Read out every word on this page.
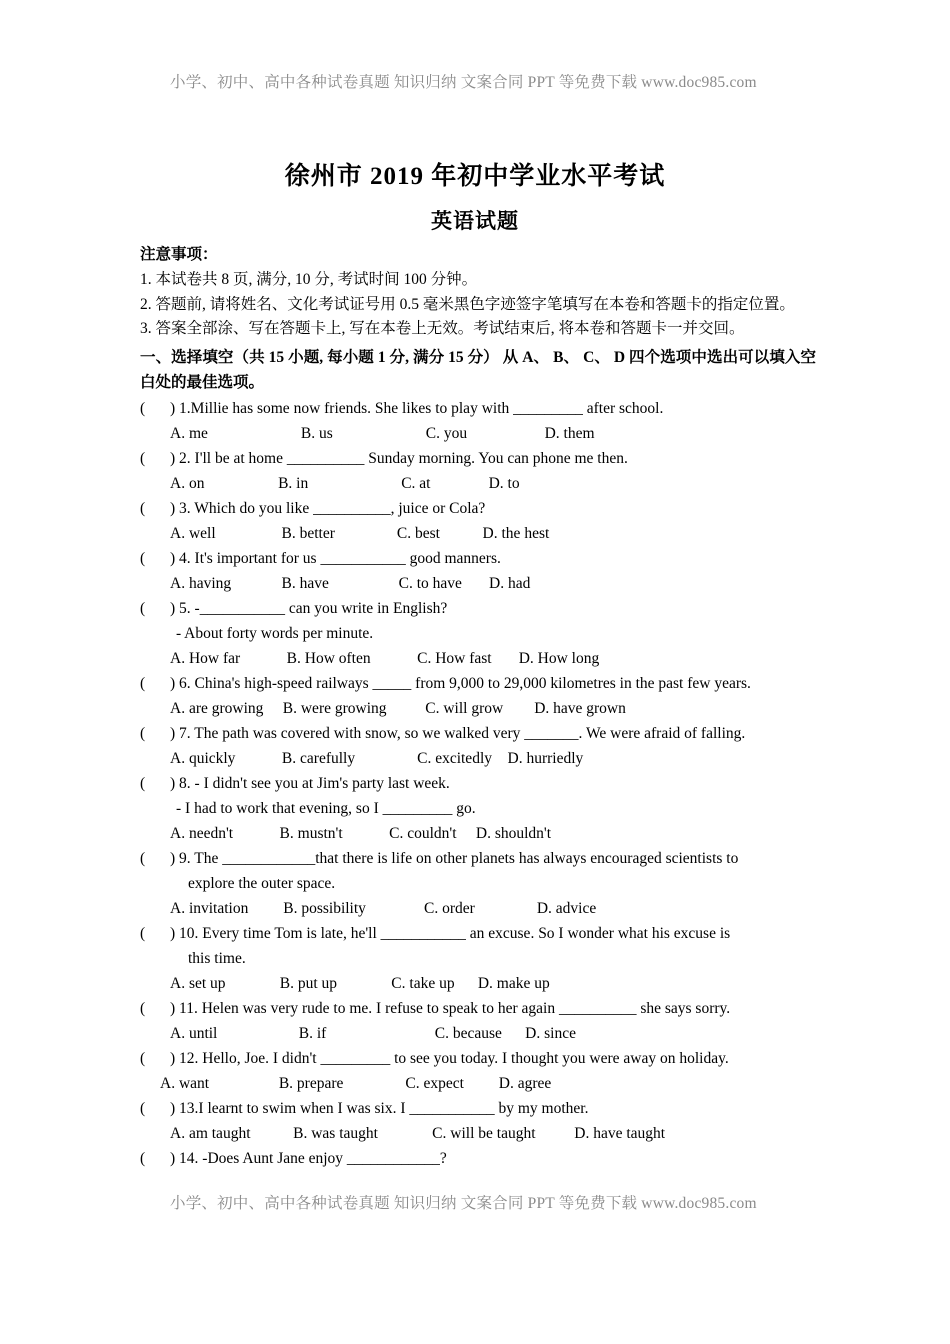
小学、初中、高中各种试卷真题 知识归纳 文案合同 PPT 等免费下载 www.doc985.com
徐州市 2019 年初中学业水平考试
英语试题
注意事项：
1. 本试卷共 8 页, 满分, 10 分, 考试时间 100 分钟。
2. 答题前, 请将姓名、文化考试证号用 0.5 毫米黑色字迹签字笔填写在本卷和答题卡的指定位置。
3. 答案全部涂、写在答题卡上, 写在本卷上无效。考试结束后, 将本卷和答题卡一并交回。
一、选择填空（共 15 小题, 每小题 1 分, 满分 15 分） 从 A、 B、 C、 D 四个选项中选出可以填入空白处的最佳选项。
( ) 1.Millie has some now friends. She likes to play with _________ after school.
A. me                        B. us                        C. you                    D. them
( ) 2. I'll be at home __________ Sunday morning. You can phone me then.
A. on                   B. in                        C. at               D. to
( ) 3. Which do you like __________, juice or Cola?
A. well                 B. better                C. best           D. the hest
( ) 4. It's important for us ___________ good manners.
A. having             B. have                  C. to have       D. had
( ) 5. -___________ can you write in English?
- About forty words per minute.
A. How far            B. How often            C. How fast       D. How long
( ) 6. China's high-speed railways _____ from 9,000 to 29,000 kilometres in the past few years.
A. are growing     B. were growing          C. will grow        D. have grown
( ) 7. The path was covered with snow, so we walked very _______. We were afraid of falling.
A. quickly            B. carefully                C. excitedly    D. hurriedly
( ) 8. - I didn't see you at Jim's party last week.
- I had to work that evening, so I _________ go.
A. needn't            B. mustn't            C. couldn't     D. shouldn't
( ) 9. The ____________that there is life on other planets has always encouraged scientists to
explore the outer space.
A. invitation         B. possibility               C. order                D. advice
( ) 10. Every time Tom is late, he'll ___________ an excuse. So I wonder what his excuse is
this time.
A. set up              B. put up              C. take up      D. make up
( ) 11. Helen was very rude to me. I refuse to speak to her again __________ she says sorry.
A. until                     B. if                            C. because      D. since
( ) 12. Hello, Joe. I didn't _________ to see you today. I thought you were away on holiday.
A. want                  B. prepare                C. expect         D. agree
( ) 13.I learnt to swim when I was six. I ___________ by my mother.
A. am taught           B. was taught              C. will be taught          D. have taught
( ) 14. -Does Aunt Jane enjoy ____________?
小学、初中、高中各种试卷真题 知识归纳 文案合同 PPT 等免费下载 www.doc985.com
